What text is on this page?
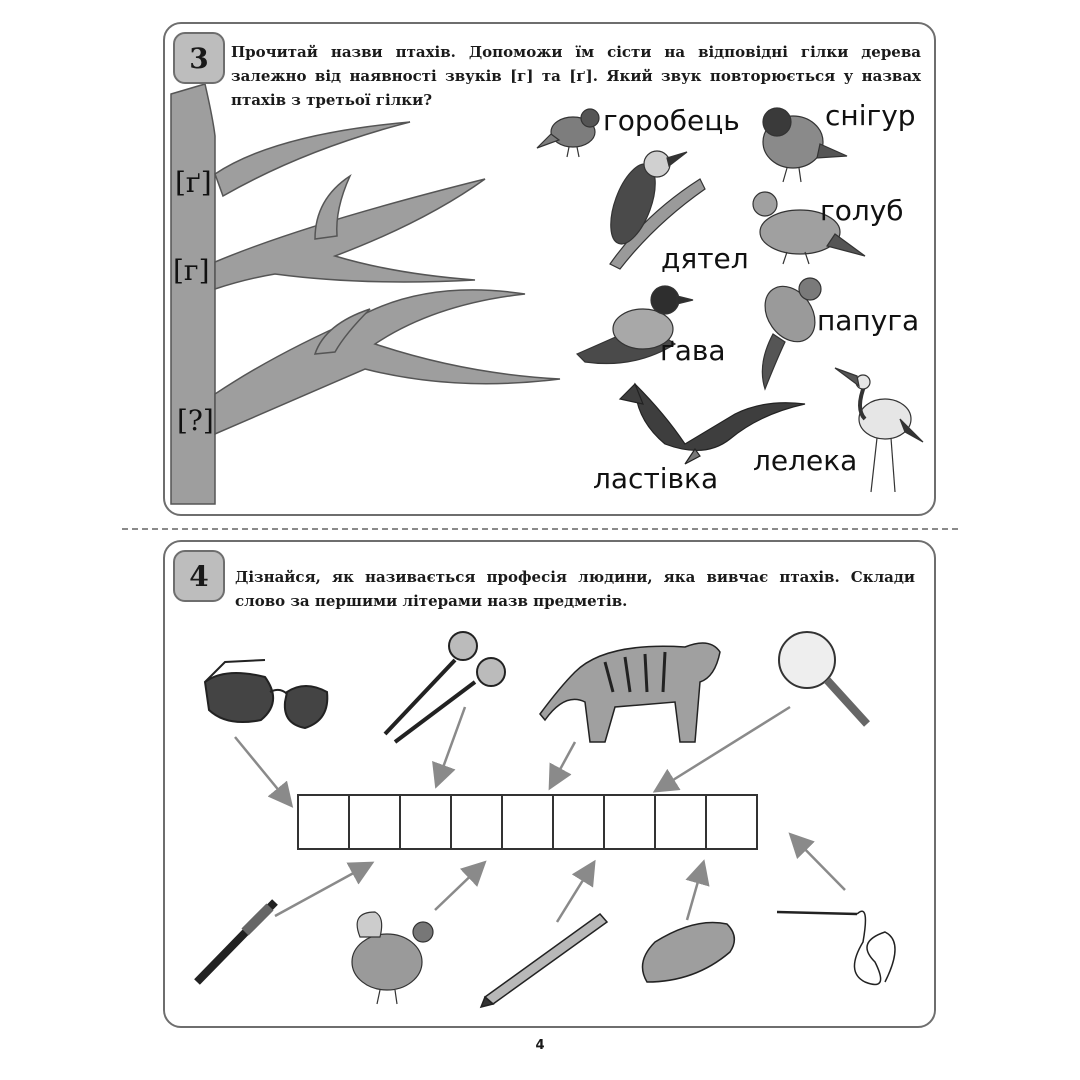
3	Прочитай назви птахів. Допоможи їм сісти на відповідні гілки дерева залежно від наявності звуків [г] та [ґ]. Який звук повторюється у назвах птахів з третьої гілки?

[ґ]
[г]
[?]
горобець	снігур
дятел
голуб
ґава
папуга
ластівка
лелека
4	Дізнайся, як називається професія людини, яка вивчає птахів. Склади слово за першими літерами назв предметів.

4
